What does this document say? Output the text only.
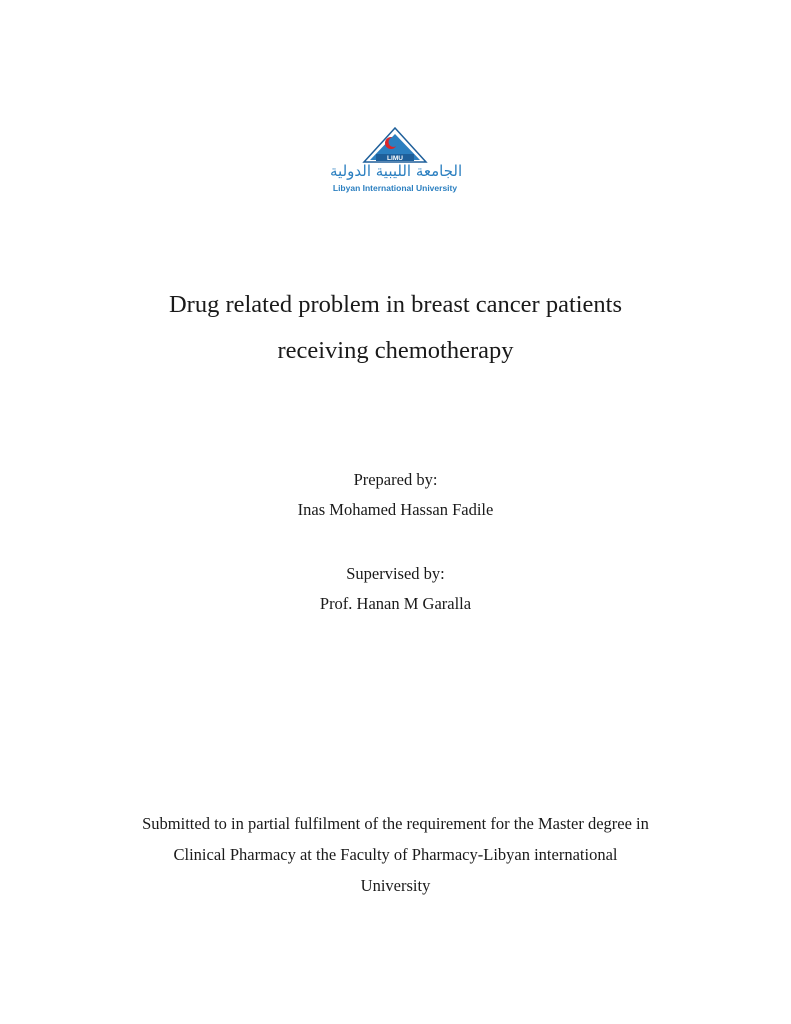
LIMU
الجامعة الليبية الدولية
Libyan International University
Drug related problem in breast cancer patients
receiving chemotherapy
Prepared by:
Inas Mohamed Hassan Fadile
Supervised by:
Prof. Hanan M Garalla
Submitted to in partial fulfilment of the requirement for the Master degree in
Clinical Pharmacy at the Faculty of Pharmacy-Libyan international
University
